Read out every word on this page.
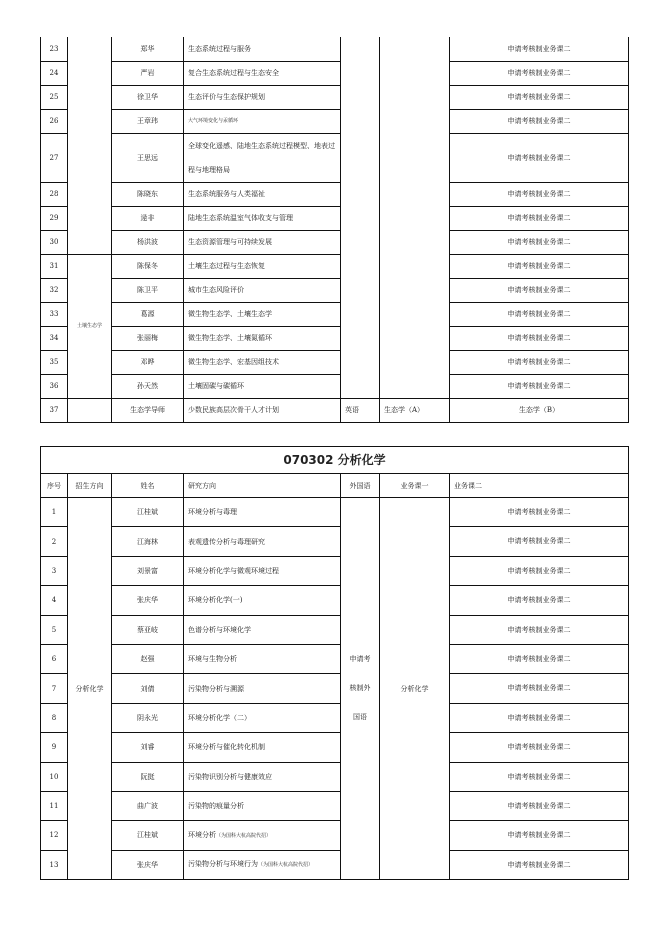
23		郑华	生态系统过程与服务			申请考核制业务课二
24		严岩	复合生态系统过程与生态安全			申请考核制业务课二
25		徐卫华	生态评价与生态保护规划			申请考核制业务课二
26		王章玮	大气环境变化与汞循环			申请考核制业务课二
27		王思远	全球变化遥感、陆地生态系统过程模型、地表过程与地理格局			申请考核制业务课二
28		陈晓东	生态系统服务与人类福祉			申请考核制业务课二
29		逯非	陆地生态系统温室气体收支与管理			申请考核制业务课二
30		杨洪波	生态资源管理与可持续发展			申请考核制业务课二
31	土壤生态学	陈保冬	土壤生态过程与生态恢复			申请考核制业务课二
32		陈卫平	城市生态风险评价			申请考核制业务课二
33		葛源	微生物生态学、土壤生态学			申请考核制业务课二
34		张丽梅	微生物生态学、土壤氮循环			申请考核制业务课二
35		邓晔	微生物生态学、宏基因组技术			申请考核制业务课二
36		孙天然	土壤固碳与碳循环			申请考核制业务课二
37		生态学导师	少数民族高层次骨干人才计划	英语	生态学（A）	生态学（B）
070302 分析化学						
序号	招生方向	姓名	研究方向	外国语	业务课一	业务课二
1	分析化学	江桂斌	环境分析与毒理	申请考核制外国语	分析化学	申请考核制业务课二
2		江海林	表观遗传分析与毒理研究			申请考核制业务课二
3		刘景富	环境分析化学与微观环境过程			申请考核制业务课二
4		张庆华	环境分析化学(一)			申请考核制业务课二
5		蔡亚岐	色谱分析与环境化学			申请考核制业务课二
6		赵强	环境与生物分析			申请考核制业务课二
7		刘倩	污染物分析与溯源			申请考核制业务课二
8		阴永光	环境分析化学（二）			申请考核制业务课二
9		刘睿	环境分析与催化转化机制			申请考核制业务课二
10		阮挺	污染物识别分析与健康效应			申请考核制业务课二
11		曲广波	污染物的痕量分析			申请考核制业务课二
12		江桂斌	环境分析（为国科大杭高院代招）			申请考核制业务课二
13		张庆华	污染物分析与环境行为（为国科大杭高院代招）			申请考核制业务课二
